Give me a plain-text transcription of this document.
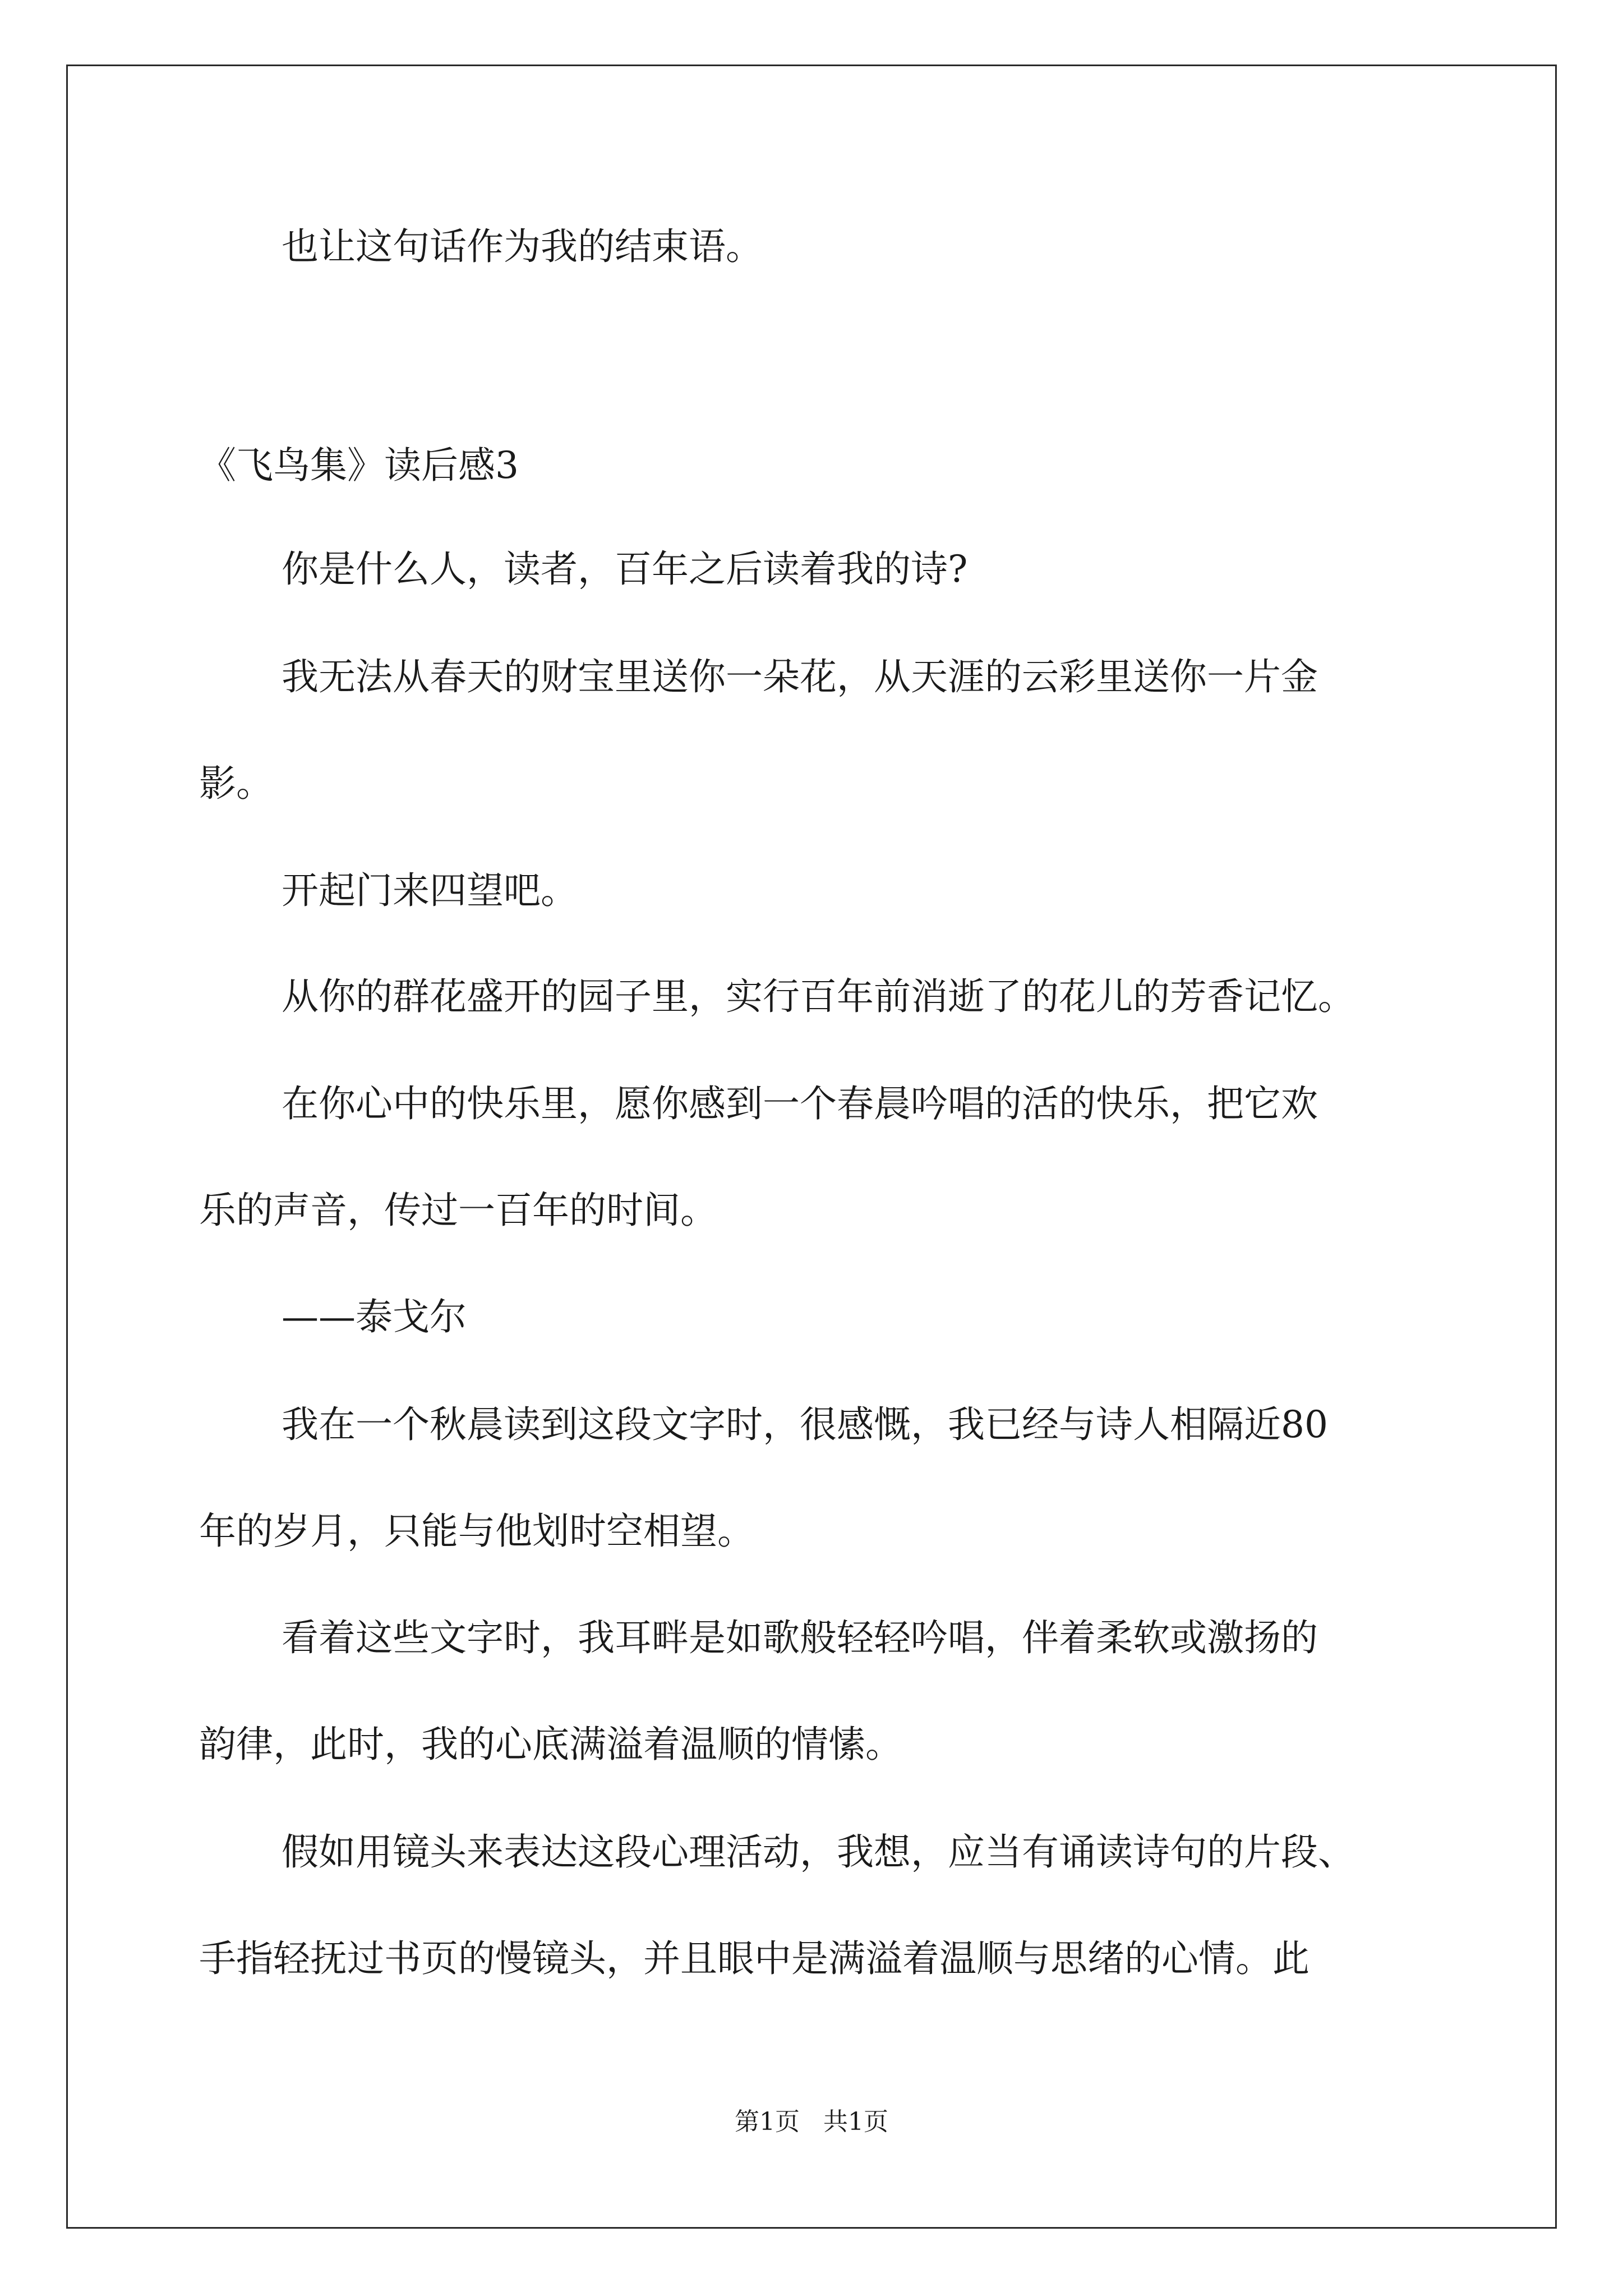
也让这句话作为我的结束语。

《飞鸟集》读后感3

你是什么人，读者，百年之后读着我的诗?

我无法从春天的财宝里送你一朵花，从天涯的云彩里送你一片金

影。

开起门来四望吧。

从你的群花盛开的园子里，实行百年前消逝了的花儿的芳香记忆。

在你心中的快乐里，愿你感到一个春晨吟唱的活的快乐，把它欢

乐的声音，传过一百年的时间。

——泰戈尔

我在一个秋晨读到这段文字时，很感慨，我已经与诗人相隔近80

年的岁月，只能与他划时空相望。

看着这些文字时，我耳畔是如歌般轻轻吟唱，伴着柔软或激扬的

韵律，此时，我的心底满溢着温顺的情愫。

假如用镜头来表达这段心理活动，我想，应当有诵读诗句的片段、

手指轻抚过书页的慢镜头，并且眼中是满溢着温顺与思绪的心情。此

第1页   共1页
